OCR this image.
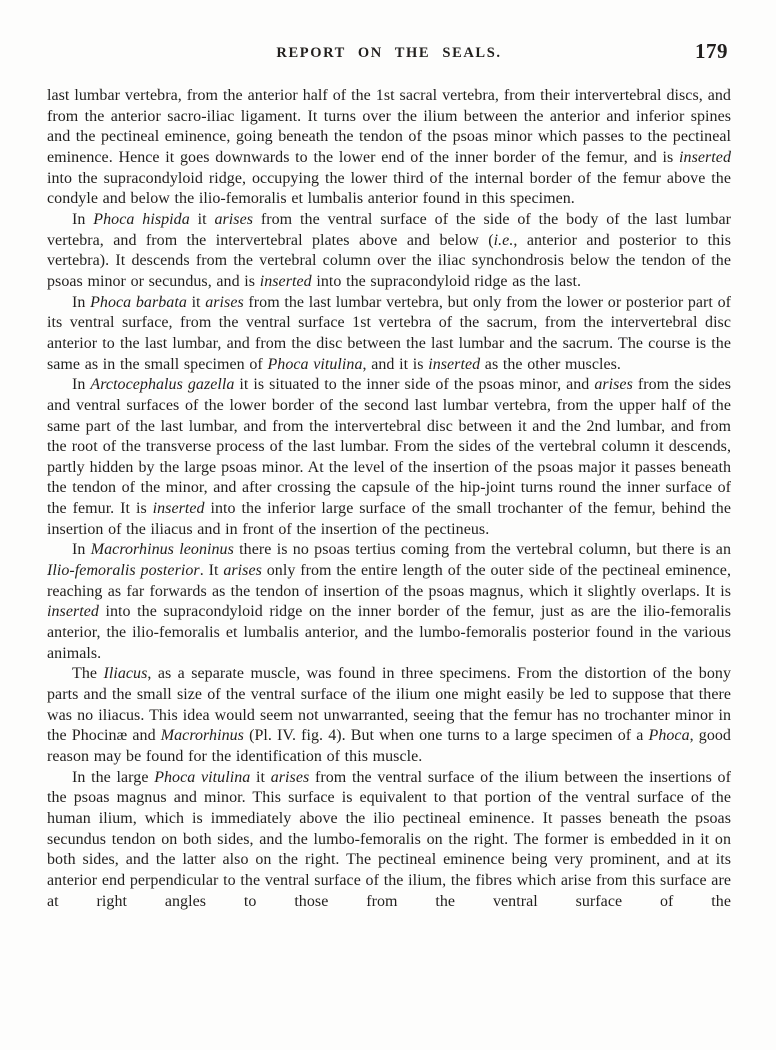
REPORT ON THE SEALS.	179

last lumbar vertebra, from the anterior half of the 1st sacral vertebra, from their intervertebral discs, and from the anterior sacro-iliac ligament. It turns over the ilium between the anterior and inferior spines and the pectineal eminence, going beneath the tendon of the psoas minor which passes to the pectineal eminence. Hence it goes downwards to the lower end of the inner border of the femur, and is inserted into the supracondyloid ridge, occupying the lower third of the internal border of the femur above the condyle and below the ilio-femoralis et lumbalis anterior found in this specimen.

In Phoca hispida it arises from the ventral surface of the side of the body of the last lumbar vertebra, and from the intervertebral plates above and below (i.e., anterior and posterior to this vertebra). It descends from the vertebral column over the iliac synchondrosis below the tendon of the psoas minor or secundus, and is inserted into the supracondyloid ridge as the last.

In Phoca barbata it arises from the last lumbar vertebra, but only from the lower or posterior part of its ventral surface, from the ventral surface 1st vertebra of the sacrum, from the intervertebral disc anterior to the last lumbar, and from the disc between the last lumbar and the sacrum. The course is the same as in the small specimen of Phoca vitulina, and it is inserted as the other muscles.

In Arctocephalus gazella it is situated to the inner side of the psoas minor, and arises from the sides and ventral surfaces of the lower border of the second last lumbar vertebra, from the upper half of the same part of the last lumbar, and from the intervertebral disc between it and the 2nd lumbar, and from the root of the transverse process of the last lumbar. From the sides of the vertebral column it descends, partly hidden by the large psoas minor. At the level of the insertion of the psoas major it passes beneath the tendon of the minor, and after crossing the capsule of the hip-joint turns round the inner surface of the femur. It is inserted into the inferior large surface of the small trochanter of the femur, behind the insertion of the iliacus and in front of the insertion of the pectineus.

In Macrorhinus leoninus there is no psoas tertius coming from the vertebral column, but there is an Ilio-femoralis posterior. It arises only from the entire length of the outer side of the pectineal eminence, reaching as far forwards as the tendon of insertion of the psoas magnus, which it slightly overlaps. It is inserted into the supracondyloid ridge on the inner border of the femur, just as are the ilio-femoralis anterior, the ilio-femoralis et lumbalis anterior, and the lumbo-femoralis posterior found in the various animals.

The Iliacus, as a separate muscle, was found in three specimens. From the distortion of the bony parts and the small size of the ventral surface of the ilium one might easily be led to suppose that there was no iliacus. This idea would seem not unwarranted, seeing that the femur has no trochanter minor in the Phocinæ and Macrorhinus (Pl. IV. fig. 4). But when one turns to a large specimen of a Phoca, good reason may be found for the identification of this muscle.

In the large Phoca vitulina it arises from the ventral surface of the ilium between the insertions of the psoas magnus and minor. This surface is equivalent to that portion of the ventral surface of the human ilium, which is immediately above the ilio pectineal eminence. It passes beneath the psoas secundus tendon on both sides, and the lumbo-femoralis on the right. The former is embedded in it on both sides, and the latter also on the right. The pectineal eminence being very prominent, and at its anterior end perpendicular to the ventral surface of the ilium, the fibres which arise from this surface are at right angles to those from the ventral surface of the
